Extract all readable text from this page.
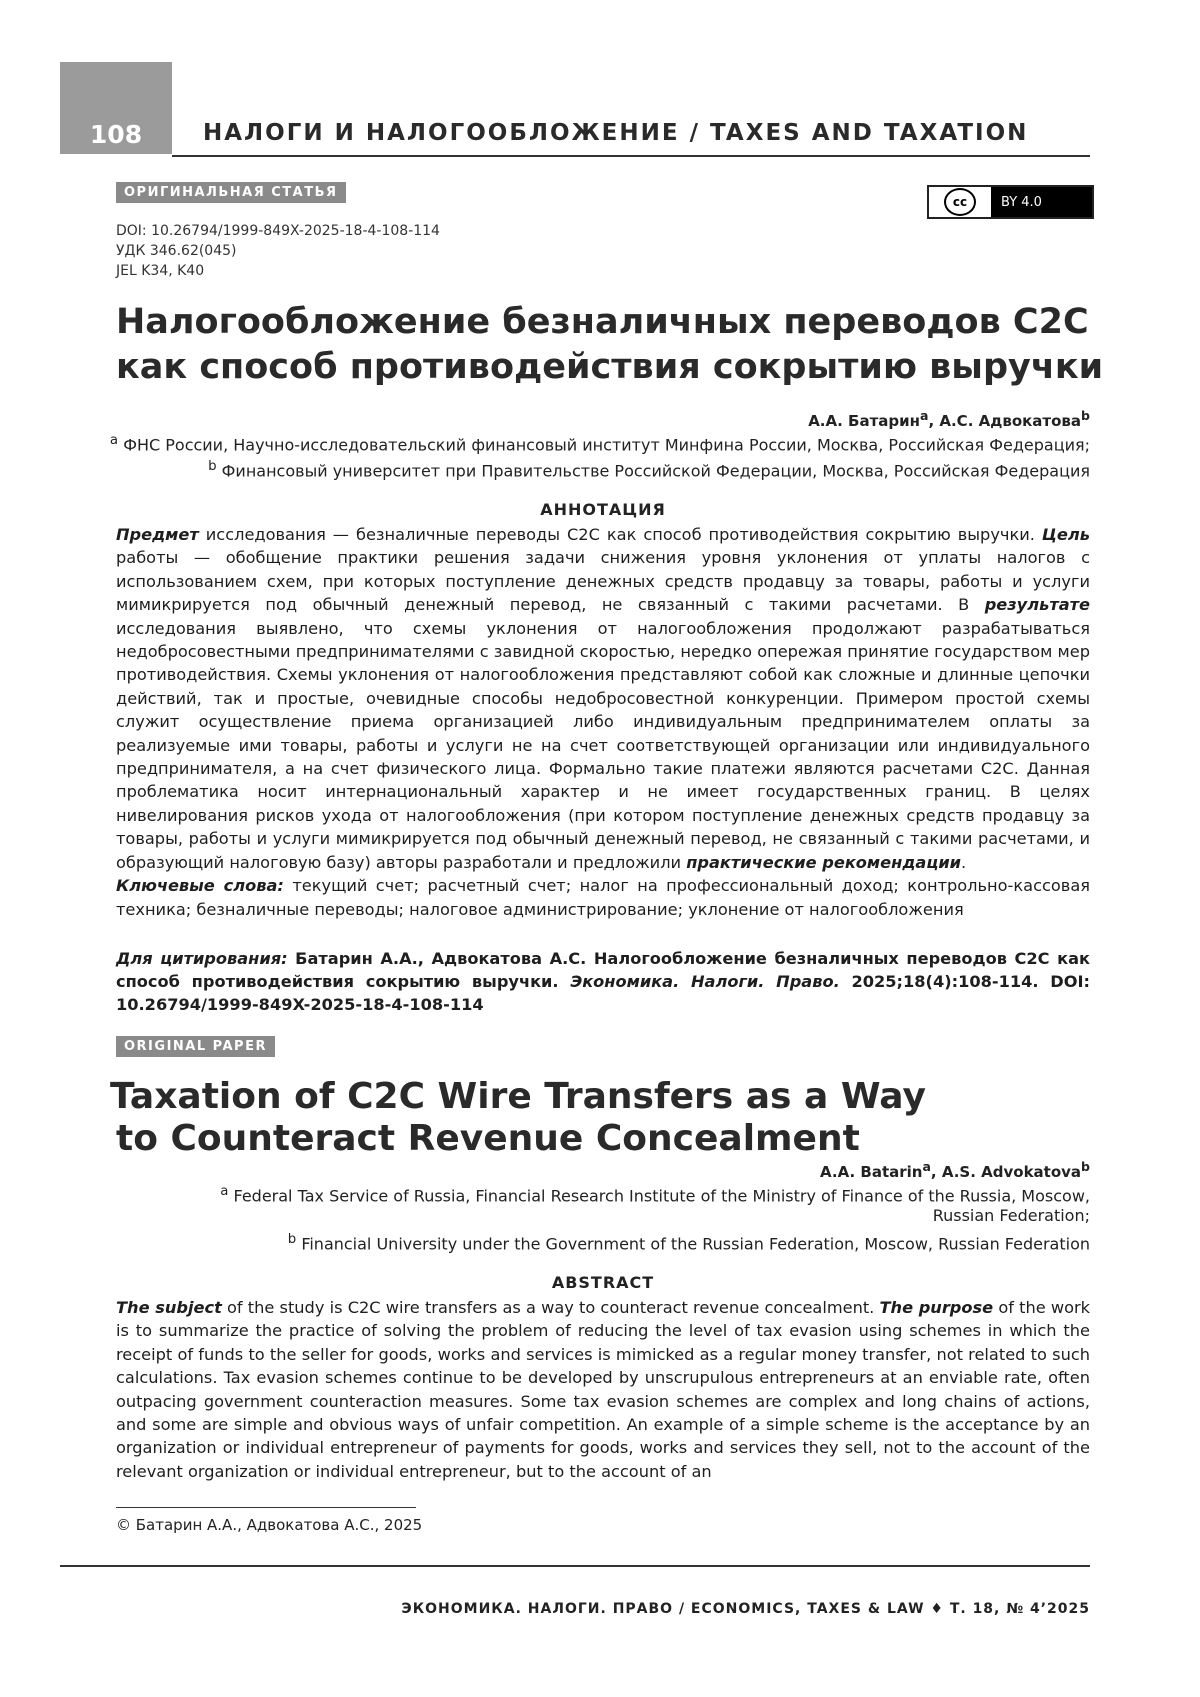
108	НАЛОГИ И НАЛОГООБЛОЖЕНИЕ / TAXES AND TAXATION
ОРИГИНАЛЬНАЯ СТАТЬЯ
cc	BY 4.0
DOI: 10.26794/1999-849X-2025-18-4-108-114
УДК 346.62(045)
JEL K34, K40
Налогообложение безналичных переводов C2C
как способ противодействия сокрытию выручки
А.А. Батарин$^a$, А.С. Адвокатова$^b$
$^a$ ФНС России, Научно-исследовательский финансовый институт Минфина России, Москва, Российская Федерация;
$^b$ Финансовый университет при Правительстве Российской Федерации, Москва, Российская Федерация
АННОТАЦИЯ
Предмет исследования — безналичные переводы C2C как способ противодействия сокрытию выручки. Цель работы — обобщение практики решения задачи снижения уровня уклонения от уплаты налогов с использованием схем, при которых поступление денежных средств продавцу за товары, работы и услуги мимикрируется под обычный денежный перевод, не связанный с такими расчетами. В результате исследования выявлено, что схемы уклонения от налогообложения продолжают разрабатываться недобросовестными предпринимателями с завидной скоростью, нередко опережая принятие государством мер противодействия. Схемы уклонения от налогообложения представляют собой как сложные и длинные цепочки действий, так и простые, очевидные способы недобросовестной конкуренции. Примером простой схемы служит осуществление приема организацией либо индивидуальным предпринимателем оплаты за реализуемые ими товары, работы и услуги не на счет соответствующей организации или индивидуального предпринимателя, а на счет физического лица. Формально такие платежи являются расчетами C2C. Данная проблематика носит интернациональный характер и не имеет государственных границ. В целях нивелирования рисков ухода от налогообложения (при котором поступление денежных средств продавцу за товары, работы и услуги мимикрируется под обычный денежный перевод, не связанный с такими расчетами, и образующий налоговую базу) авторы разработали и предложили практические рекомендации.
Ключевые слова: текущий счет; расчетный счет; налог на профессиональный доход; контрольно-кассовая техника; безналичные переводы; налоговое администрирование; уклонение от налогообложения
Для цитирования: Батарин А.А., Адвокатова А.С. Налогообложение безналичных переводов C2C как способ противодействия сокрытию выручки. Экономика. Налоги. Право. 2025;18(4):108-114. DOI: 10.26794/1999-849X-2025-18-4-108-114
ORIGINAL PAPER
Taxation of C2C Wire Transfers as a Way
to Counteract Revenue Concealment
A.A. Batarin$^a$, A.S. Advokatova$^b$
$^a$ Federal Tax Service of Russia, Financial Research Institute of the Ministry of Finance of the Russia, Moscow,
Russian Federation;
$^b$ Financial University under the Government of the Russian Federation, Moscow, Russian Federation
ABSTRACT
The subject of the study is C2C wire transfers as a way to counteract revenue concealment. The purpose of the work is to summarize the practice of solving the problem of reducing the level of tax evasion using schemes in which the receipt of funds to the seller for goods, works and services is mimicked as a regular money transfer, not related to such calculations. Tax evasion schemes continue to be developed by unscrupulous entrepreneurs at an enviable rate, often outpacing government counteraction measures. Some tax evasion schemes are complex and long chains of actions, and some are simple and obvious ways of unfair competition. An example of a simple scheme is the acceptance by an organization or individual entrepreneur of payments for goods, works and services they sell, not to the account of the relevant organization or individual entrepreneur, but to the account of an
© Батарин А.А., Адвокатова А.С., 2025
ЭКОНОМИКА. НАЛОГИ. ПРАВО / ECONOMICS, TAXES & LAW ♦ Т. 18, № 4’2025
